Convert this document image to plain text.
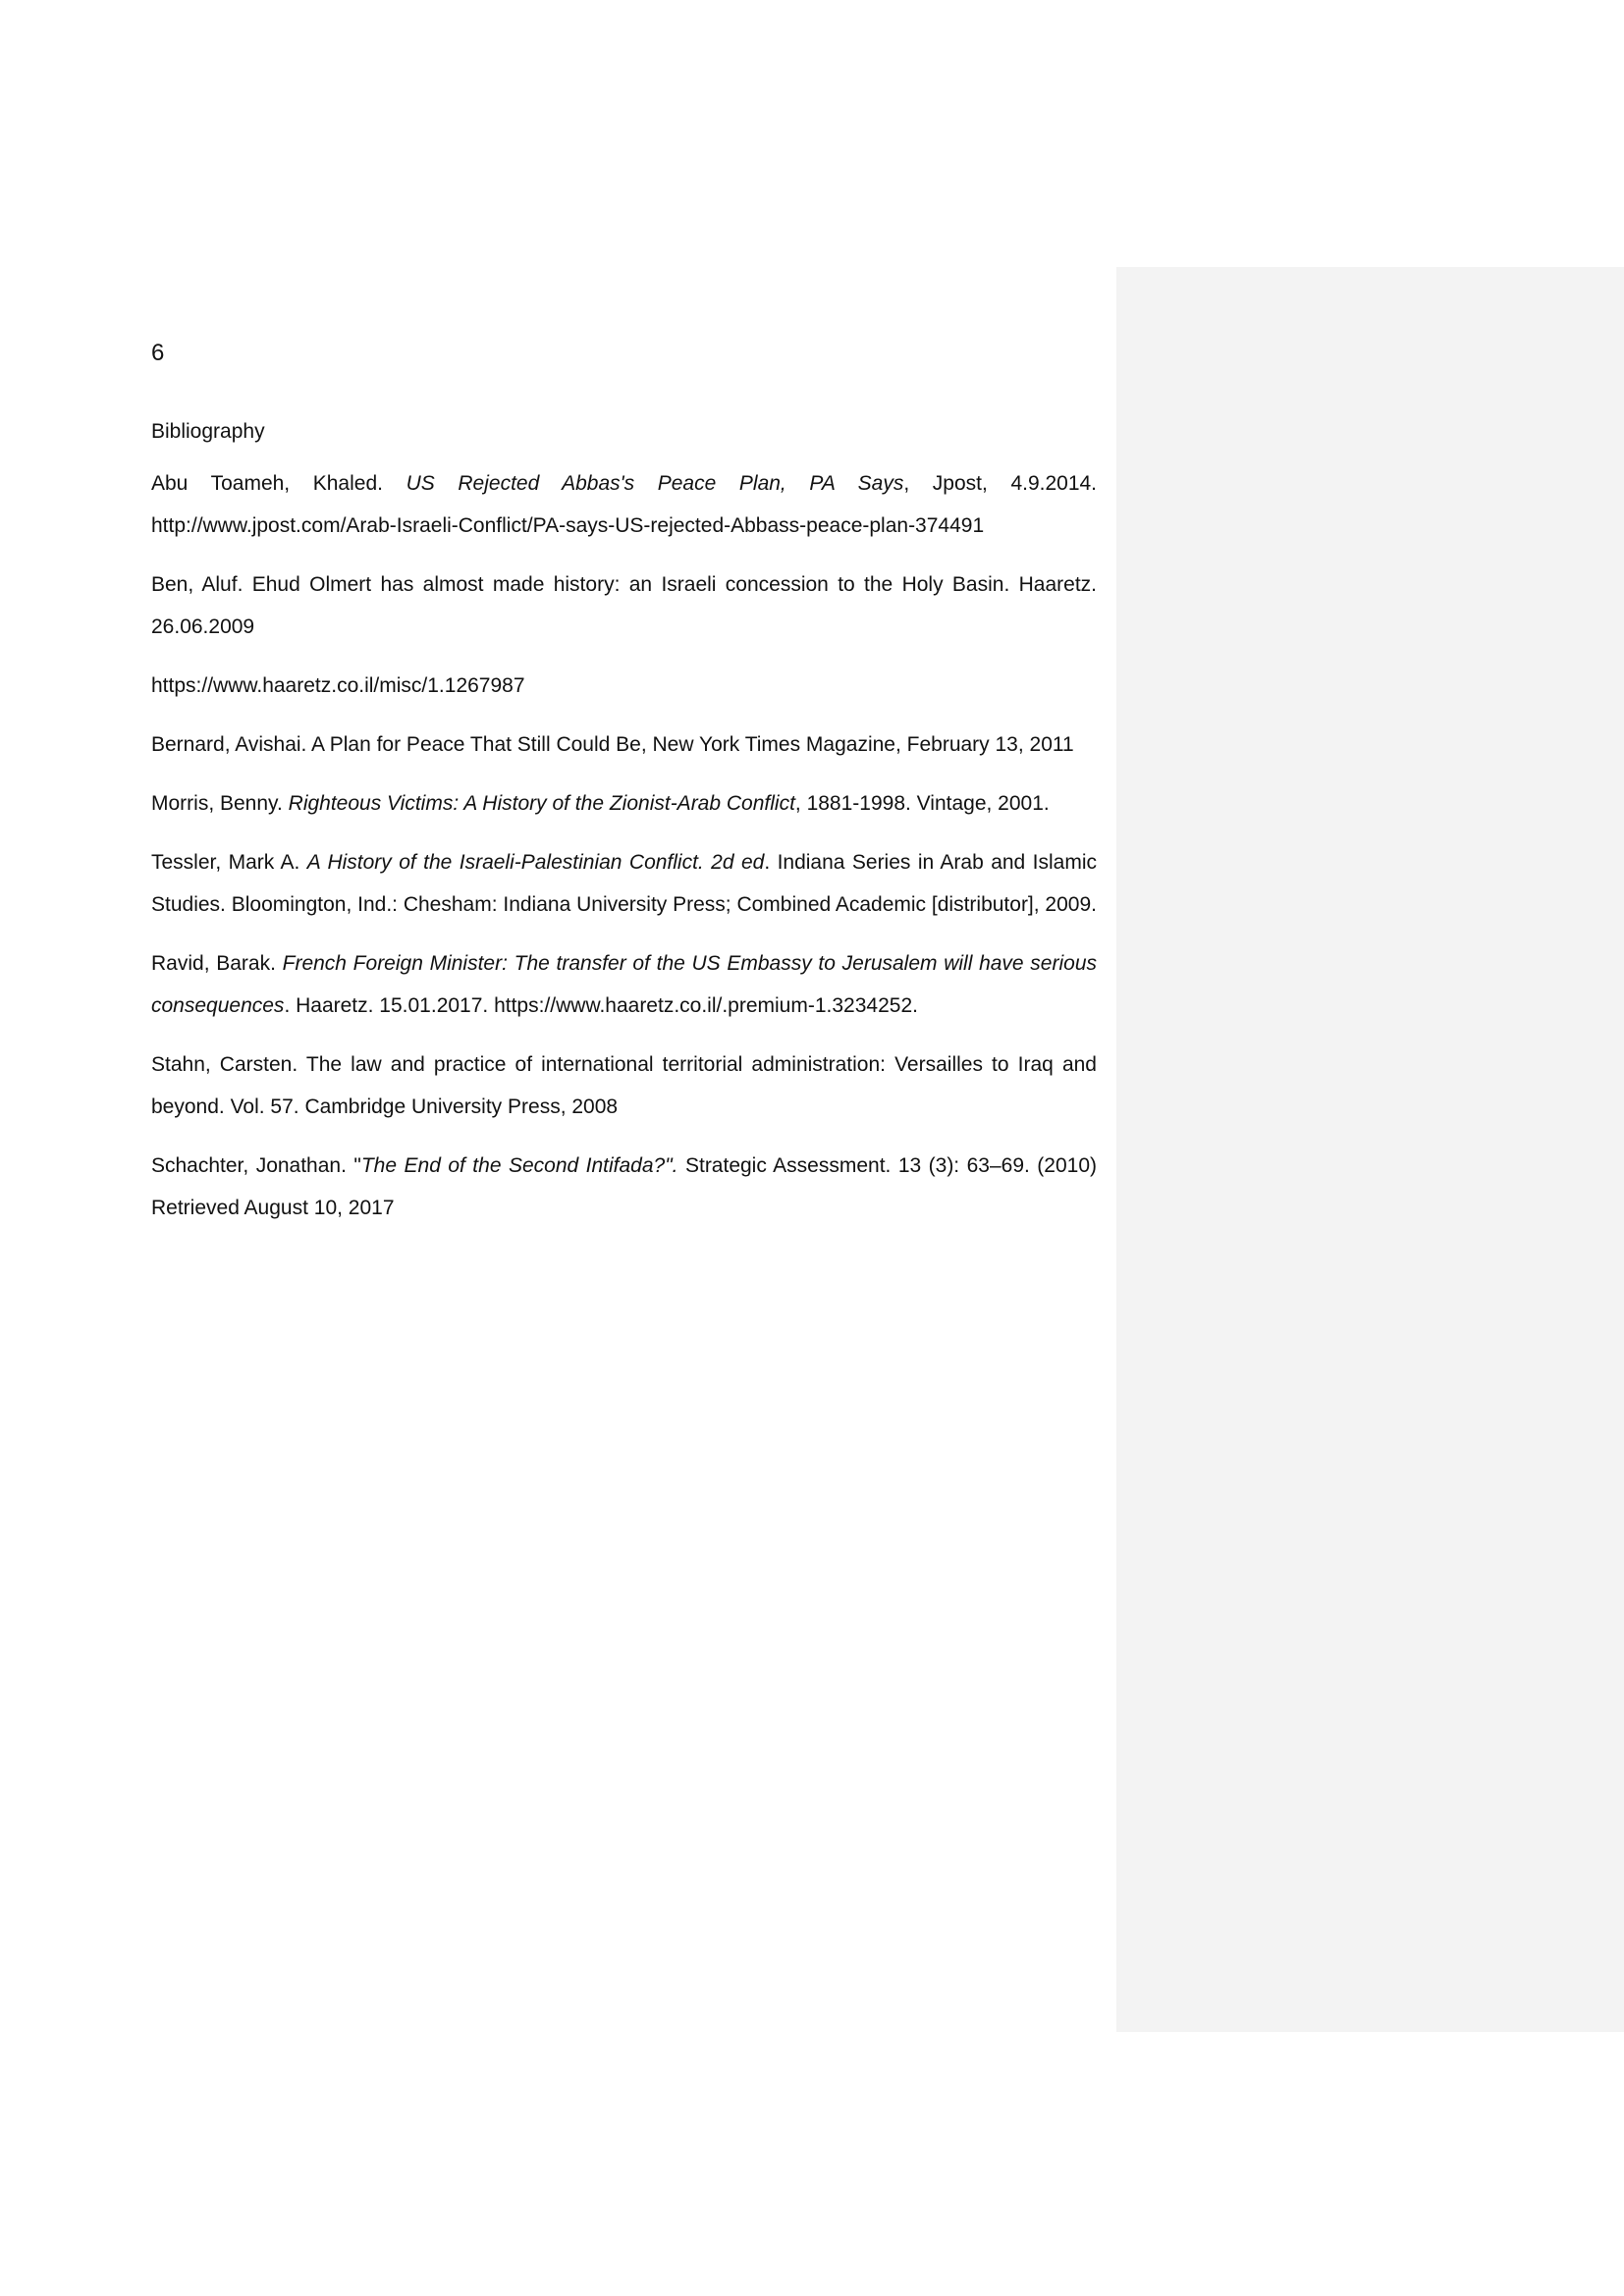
6

Bibliography

Abu Toameh, Khaled. US Rejected Abbas's Peace Plan, PA Says, Jpost, 4.9.2014. http://www.jpost.com/Arab-Israeli-Conflict/PA-says-US-rejected-Abbass-peace-plan-374491

Ben, Aluf. Ehud Olmert has almost made history: an Israeli concession to the Holy Basin. Haaretz. 26.06.2009

https://www.haaretz.co.il/misc/1.1267987

Bernard, Avishai. A Plan for Peace That Still Could Be, New York Times Magazine, February 13, 2011

Morris, Benny. Righteous Victims: A History of the Zionist-Arab Conflict, 1881-1998. Vintage, 2001.

Tessler, Mark A. A History of the Israeli-Palestinian Conflict. 2d ed. Indiana Series in Arab and Islamic Studies. Bloomington, Ind.: Chesham: Indiana University Press; Combined Academic [distributor], 2009.

Ravid, Barak. French Foreign Minister: The transfer of the US Embassy to Jerusalem will have serious consequences. Haaretz. 15.01.2017. https://www.haaretz.co.il/.premium-1.3234252.

Stahn, Carsten. The law and practice of international territorial administration: Versailles to Iraq and beyond. Vol. 57. Cambridge University Press, 2008

Schachter, Jonathan. "The End of the Second Intifada?". Strategic Assessment. 13 (3): 63–69. (2010) Retrieved August 10, 2017
